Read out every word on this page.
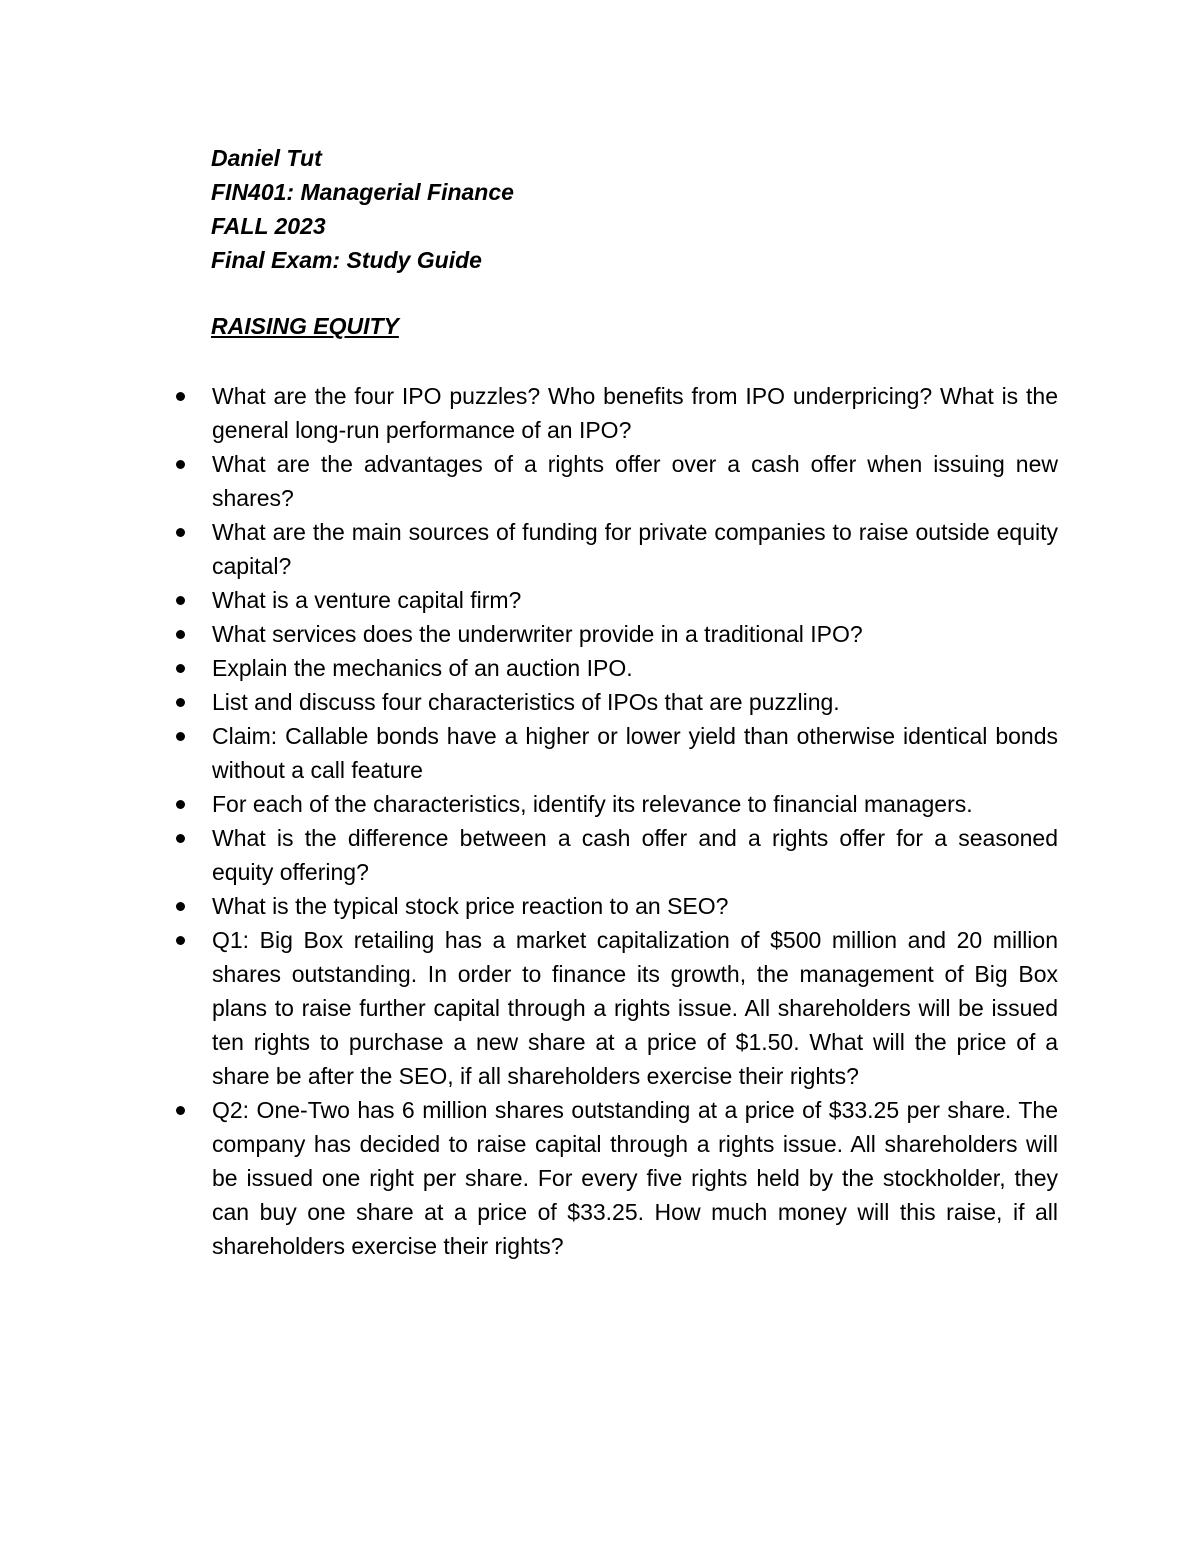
Daniel Tut
FIN401: Managerial Finance
FALL 2023
Final Exam: Study Guide
RAISING EQUITY
What are the four IPO puzzles? Who benefits from IPO underpricing? What is the general long-run performance of an IPO?
What are the advantages of a rights offer over a cash offer when issuing new shares?
What are the main sources of funding for private companies to raise outside equity capital?
What is a venture capital firm?
What services does the underwriter provide in a traditional IPO?
Explain the mechanics of an auction IPO.
List and discuss four characteristics of IPOs that are puzzling.
Claim: Callable bonds have a higher or lower yield than otherwise identical bonds without a call feature
For each of the characteristics, identify its relevance to financial managers.
What is the difference between a cash offer and a rights offer for a seasoned equity offering?
What is the typical stock price reaction to an SEO?
Q1: Big Box retailing has a market capitalization of $500 million and 20 million shares outstanding. In order to finance its growth, the management of Big Box plans to raise further capital through a rights issue. All shareholders will be issued ten rights to purchase a new share at a price of $1.50. What will the price of a share be after the SEO, if all shareholders exercise their rights?
Q2: One-Two has 6 million shares outstanding at a price of $33.25 per share. The company has decided to raise capital through a rights issue. All shareholders will be issued one right per share. For every five rights held by the stockholder, they can buy one share at a price of $33.25. How much money will this raise, if all shareholders exercise their rights?
